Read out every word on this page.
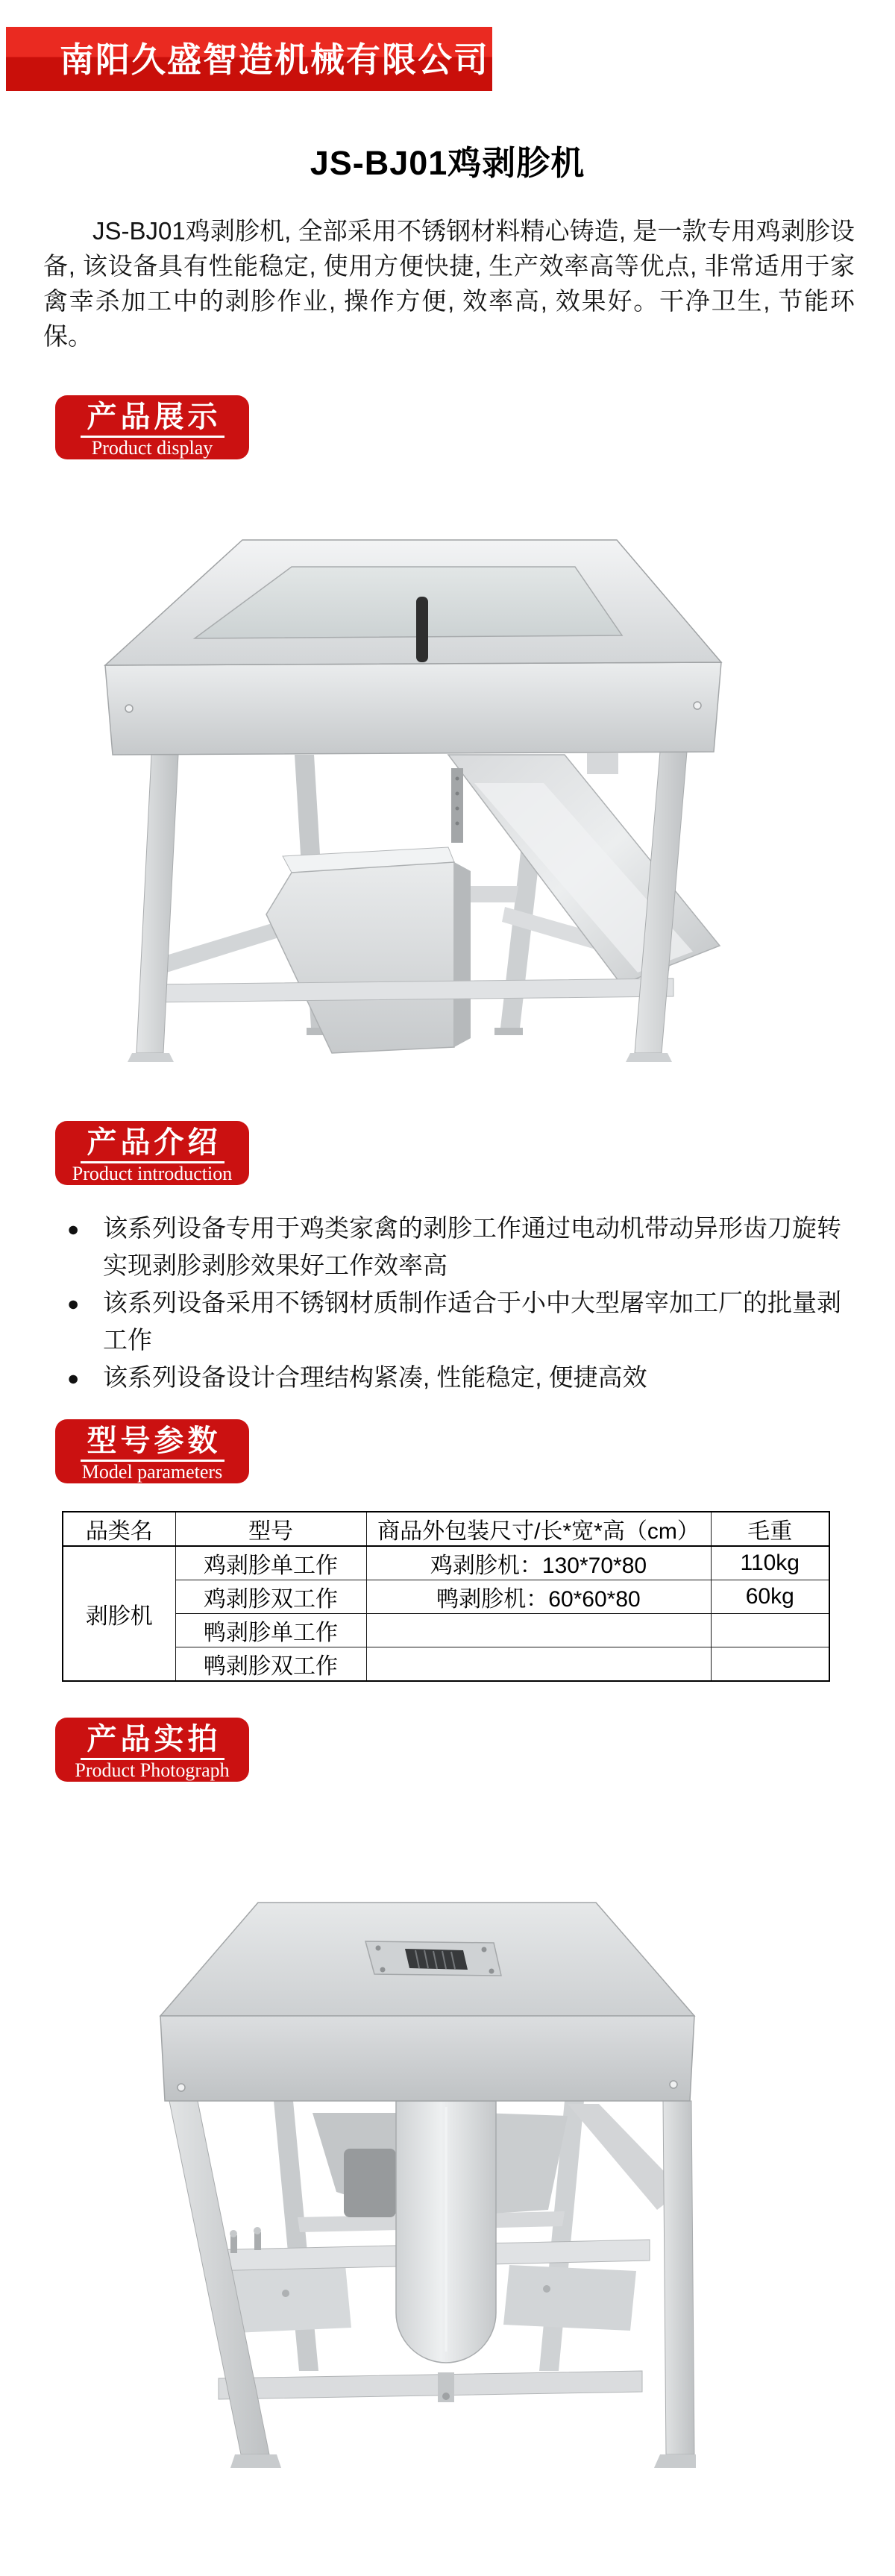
南阳久盛智造机械有限公司
JS-BJ01鸡剥胗机

JS-BJ01鸡剥胗机, 全部采用不锈钢材料精心铸造, 是一款专用鸡剥胗设备, 该设备具有性能稳定, 使用方便快捷, 生产效率高等优点, 非常适用于家禽幸杀加工中的剥胗作业, 操作方便, 效率高, 效果好。干净卫生, 节能环保。

产品展示
Product display
产品介绍
Product introduction
● 该系列设备专用于鸡类家禽的剥胗工作通过电动机带动异形齿刀旋转实现剥胗剥胗效果好工作效率高
● 该系列设备采用不锈钢材质制作适合于小中大型屠宰加工厂的批量剥工作
● 该系列设备设计合理结构紧凑, 性能稳定, 便捷高效
型号参数
Model parameters
品类名	型号	商品外包装尺寸/长*宽*高（cm）	毛重
剥胗机	鸡剥胗单工作	鸡剥胗机：130*70*80	110kg
	鸡剥胗双工作	鸭剥胗机：60*60*80	60kg
	鸭剥胗单工作		
	鸭剥胗双工作		
产品实拍
Product Photograph
